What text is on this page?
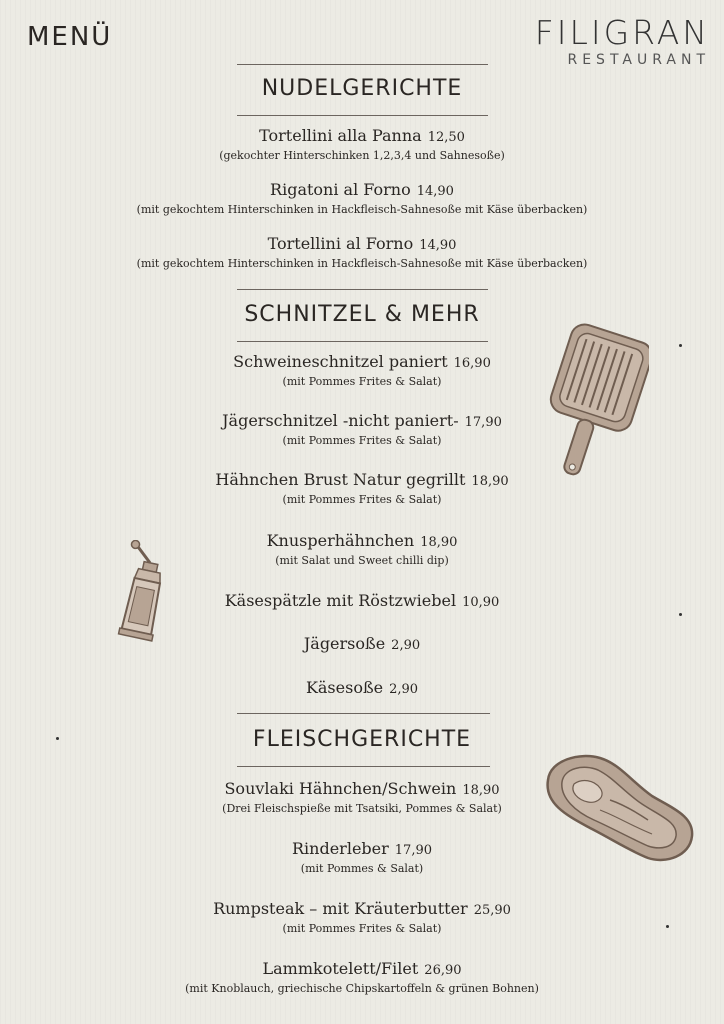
MENÜ	FILIGRAN
RESTAURANT
NUDELGERICHTE
Tortellini alla Panna 12,50
(gekochter Hinterschinken 1,2,3,4 und Sahnesoße)
Rigatoni al Forno 14,90
(mit gekochtem Hinterschinken in Hackfleisch-Sahnesoße mit Käse überbacken)
Tortellini al Forno 14,90
(mit gekochtem Hinterschinken in Hackfleisch-Sahnesoße mit Käse überbacken)
SCHNITZEL & MEHR
Schweineschnitzel paniert 16,90
(mit Pommes Frites & Salat)
Jägerschnitzel -nicht paniert- 17,90
(mit Pommes Frites & Salat)
Hähnchen Brust Natur gegrillt 18,90
(mit Pommes Frites & Salat)
Knusperhähnchen 18,90
(mit Salat und Sweet chilli dip)
Käsespätzle mit Röstzwiebel 10,90
Jägersoße 2,90
Käsesoße 2,90
FLEISCHGERICHTE
Souvlaki Hähnchen/Schwein 18,90
(Drei Fleischspieße mit Tsatsiki, Pommes & Salat)
Rinderleber 17,90
(mit Pommes & Salat)
Rumpsteak – mit Kräuterbutter 25,90
(mit Pommes Frites & Salat)
Lammkotelett/Filet 26,90
(mit Knoblauch, griechische Chipskartoffeln & grünen Bohnen)
